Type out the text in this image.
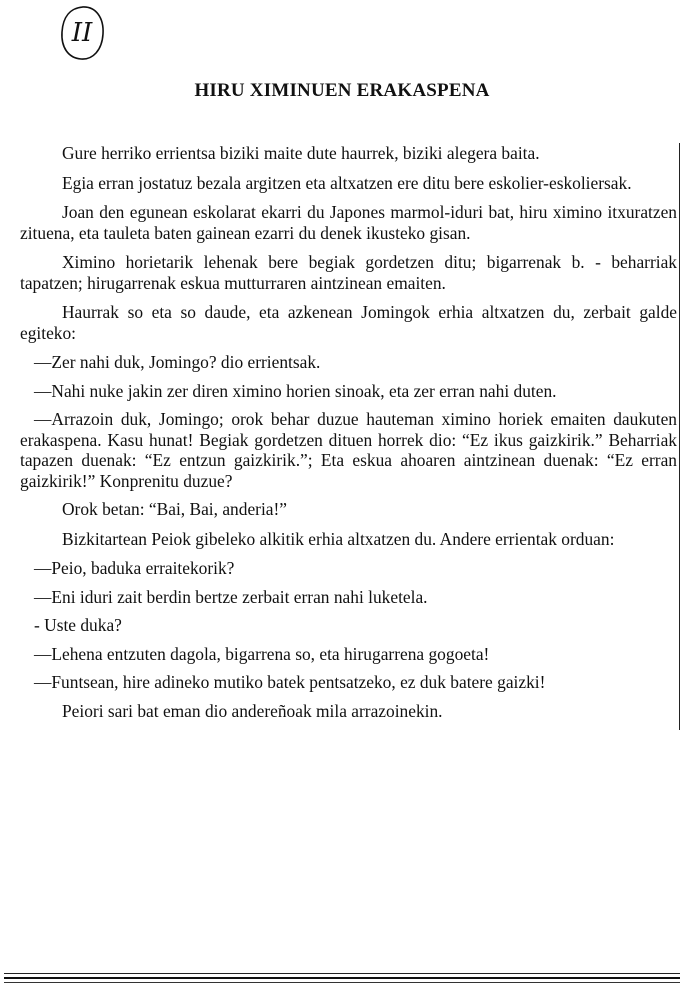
II
HIRU XIMINUEN ERAKASPENA

Gure herriko errientsa biziki maite dute haurrek, biziki alegera baita.

Egia erran jostatuz bezala argitzen eta altxatzen ere ditu bere eskolier-eskoliersak.

Joan den egunean eskolarat ekarri du Japones marmol-iduri bat, hiru ximino itxuratzen zituena, eta tauleta baten gainean ezarri du denek ikusteko gisan.

Ximino horietarik lehenak bere begiak gordetzen ditu; bigarrenak b. - beharriak tapatzen; hirugarrenak eskua mutturraren aintzinean emaiten.

Haurrak so eta so daude, eta azkenean Jomingok erhia altxatzen du, zerbait galde egiteko:

—Zer nahi duk, Jomingo? dio errientsak.

—Nahi nuke jakin zer diren ximino horien sinoak, eta zer erran nahi duten.

—Arrazoin duk, Jomingo; orok behar duzue hauteman ximino horiek emaiten daukuten erakaspena. Kasu hunat! Begiak gordetzen dituen horrek dio: “Ez ikus gaizkirik.” Beharriak tapazen duenak: “Ez entzun gaizkirik.”; Eta eskua ahoaren aintzinean duenak: “Ez erran gaizkirik!” Konprenitu duzue?

Orok betan: “Bai, Bai, anderia!”

Bizkitartean Peiok gibeleko alkitik erhia altxatzen du. Andere errientak orduan:

—Peio, baduka erraitekorik?

—Eni iduri zait berdin bertze zerbait erran nahi luketela.

- Uste duka?

—Lehena entzuten dagola, bigarrena so, eta hirugarrena gogoeta!

—Funtsean, hire adineko mutiko batek pentsatzeko, ez duk batere gaizki!

Peiori sari bat eman dio andereñoak mila arrazoinekin.
